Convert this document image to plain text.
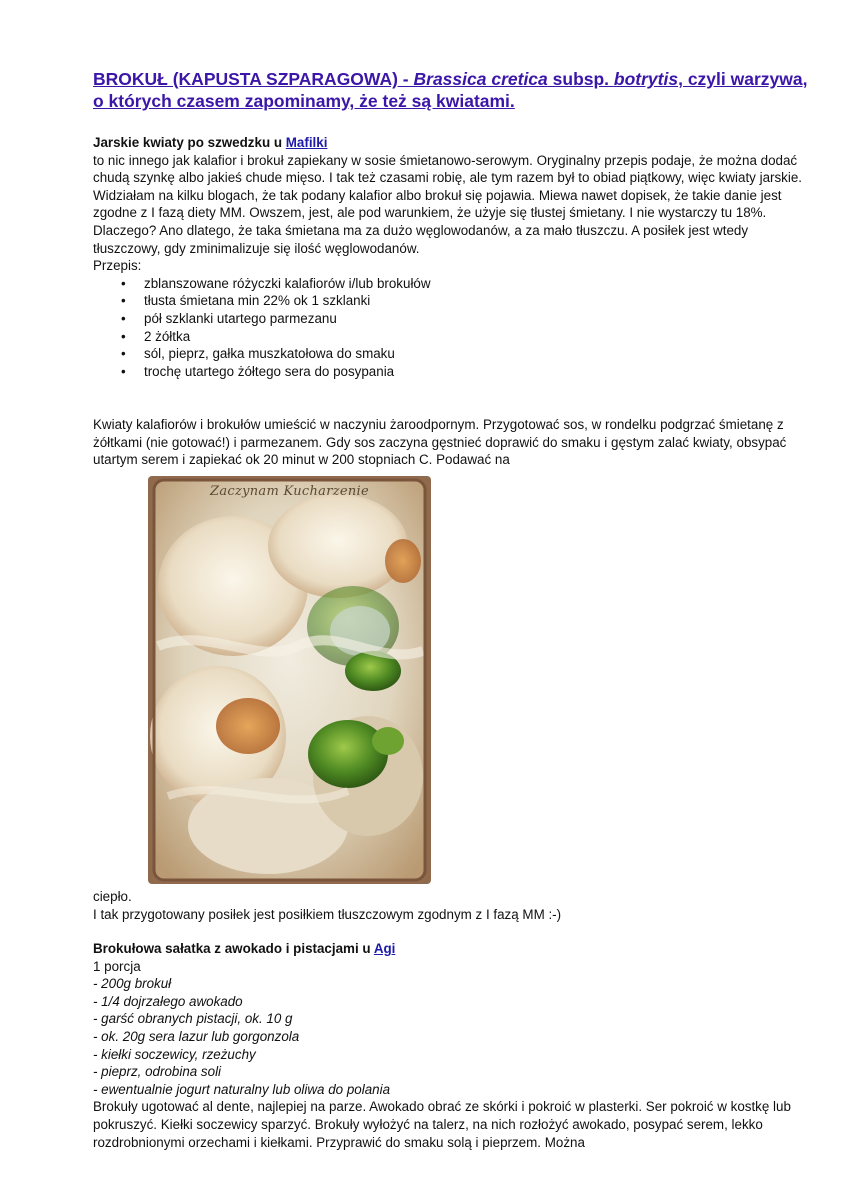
BROKUŁ (KAPUSTA SZPARAGOWA) - Brassica cretica subsp. botrytis, czyli warzywa, o których czasem zapominamy, że też są kwiatami.
Jarskie kwiaty po szwedzku u Mafilki
to nic innego jak kalafior i brokuł zapiekany w sosie śmietanowo-serowym. Oryginalny przepis podaje, że można dodać chudą szynkę albo jakieś chude mięso. I tak też czasami robię, ale tym razem był to obiad piątkowy, więc kwiaty jarskie.
Widziałam na kilku blogach, że tak podany kalafior albo brokuł się pojawia. Miewa nawet dopisek, że takie danie jest zgodne z I fazą diety MM. Owszem, jest, ale pod warunkiem, że użyje się tłustej śmietany. I nie wystarczy tu 18%. Dlaczego? Ano dlatego, że taka śmietana ma za dużo węglowodanów, a za mało tłuszczu. A posiłek jest wtedy tłuszczowy, gdy zminimalizuje się ilość węglowodanów.
Przepis:
• zblanszowane różyczki kalafiorów i/lub brokułów
• tłusta śmietana min 22% ok 1 szklanki
• pół szklanki utartego parmezanu
• 2 żółtka
• sól, pieprz, gałka muszkatołowa do smaku
• trochę utartego żółtego sera do posypania
Kwiaty kalafiorów i brokułów umieścić w naczyniu żaroodpornym. Przygotować sos, w rondelku podgrzać śmietanę z żółtkami (nie gotować!) i parmezanem. Gdy sos zaczyna gęstnieć doprawić do smaku i gęstym zalać kwiaty, obsypać utartym serem i zapiekać ok 20 minut w 200 stopniach C. Podawać na
Zaczynam Kucharzenie
ciepło.
I tak przygotowany posiłek jest posiłkiem tłuszczowym zgodnym z I fazą MM :-)
Brokułowa sałatka z awokado i pistacjami u Agi
1 porcja
- 200g brokuł
- 1/4 dojrzałego awokado
- garść obranych pistacji, ok. 10 g
- ok. 20g sera lazur lub gorgonzola
- kiełki soczewicy, rzeżuchy
- pieprz, odrobina soli
- ewentualnie jogurt naturalny lub oliwa do polania
Brokuły ugotować al dente, najlepiej na parze. Awokado obrać ze skórki i pokroić w plasterki. Ser pokroić w kostkę lub pokruszyć. Kiełki soczewicy sparzyć. Brokuły wyłożyć na talerz, na nich rozłożyć awokado, posypać serem, lekko rozdrobnionymi orzechami i kiełkami. Przyprawić do smaku solą i pieprzem. Można
